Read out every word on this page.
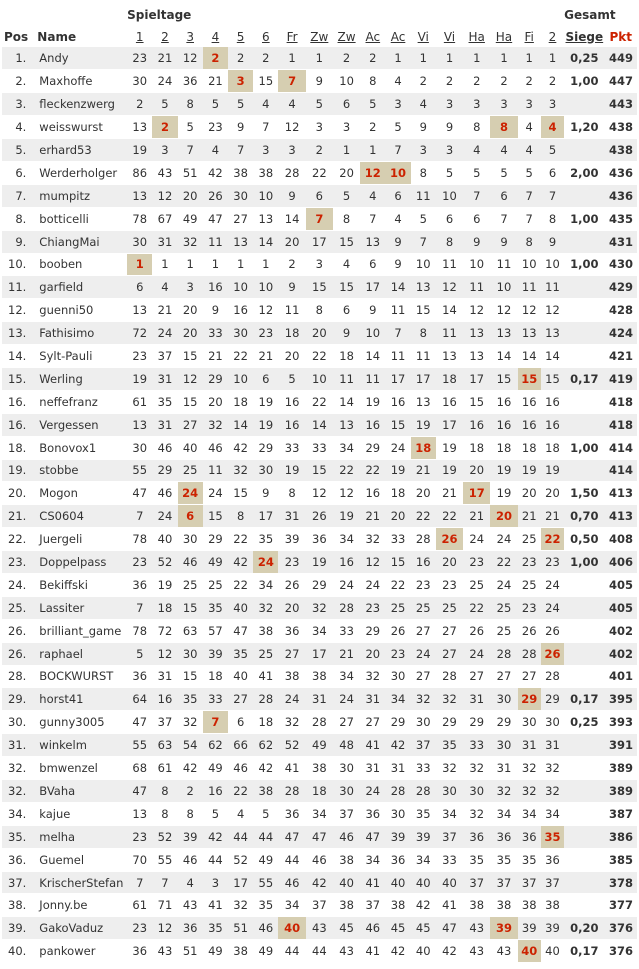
		Spieltage																	Gesamt	
Pos	Name	1	2	3	4	5	6	Fr	Zw	Zw	Ac	Ac	Vi	Vi	Ha	Ha	Fi	2	Siege	Pkt
1.	Andy	23	21	12	2	2	2	1	1	2	2	1	1	1	1	1	1	1	0,25	449
2.	Maxhoffe	30	24	36	21	3	15	7	9	10	8	4	2	2	2	2	2	2	1,00	447
3.	fleckenzwerg	2	5	8	5	5	4	4	5	6	5	3	4	3	3	3	3	3		443
4.	weisswurst	13	2	5	23	9	7	12	3	3	2	5	9	9	8	8	4	4	1,20	438
5.	erhard53	19	3	7	4	7	3	3	2	1	1	7	3	3	4	4	4	5		438
6.	Werderholger	86	43	51	42	38	38	28	22	20	12	10	8	5	5	5	5	6	2,00	436
7.	mumpitz	13	12	20	26	30	10	9	6	5	4	6	11	10	7	6	7	7		436
8.	botticelli	78	67	49	47	27	13	14	7	8	7	4	5	6	6	7	7	8	1,00	435
9.	ChiangMai	30	31	32	11	13	14	20	17	15	13	9	7	8	9	9	8	9		431
10.	booben	1	1	1	1	1	1	2	3	4	6	9	10	11	10	11	10	10	1,00	430
11.	garfield	6	4	3	16	10	10	9	15	15	17	14	13	12	11	10	11	11		429
12.	guenni50	13	21	20	9	16	12	11	8	6	9	11	15	14	12	12	12	12		428
13.	Fathisimo	72	24	20	33	30	23	18	20	9	10	7	8	11	13	13	13	13		424
14.	Sylt-Pauli	23	37	15	21	22	21	20	22	18	14	11	11	13	13	14	14	14		421
15.	Werling	19	31	12	29	10	6	5	10	11	11	17	17	18	17	15	15	15	0,17	419
16.	neffefranz	61	35	15	20	18	19	16	22	14	19	16	13	16	15	16	16	16		418
16.	Vergessen	13	31	27	32	14	19	16	14	13	16	15	19	17	16	16	16	16		418
18.	Bonovox1	30	46	40	46	42	29	33	33	34	29	24	18	19	18	18	18	18	1,00	414
19.	stobbe	55	29	25	11	32	30	19	15	22	22	19	21	19	20	19	19	19		414
20.	Mogon	47	46	24	24	15	9	8	12	12	16	18	20	21	17	19	20	20	1,50	413
21.	CS0604	7	24	6	15	8	17	31	26	19	21	20	22	22	21	20	21	21	0,70	413
22.	Juergeli	78	40	30	29	22	35	39	36	34	32	33	28	26	24	24	25	22	0,50	408
23.	Doppelpass	23	52	46	49	42	24	23	19	16	12	15	16	20	23	22	23	23	1,00	406
24.	Bekiffski	36	19	25	25	22	34	26	29	24	24	22	23	23	25	24	25	24		405
25.	Lassiter	7	18	15	35	40	32	20	32	28	23	25	25	25	22	25	23	24		405
26.	brilliant_game	78	72	63	57	47	38	36	34	33	29	26	27	27	26	25	26	26		402
26.	raphael	5	12	30	39	35	25	27	17	21	20	23	24	27	24	28	28	26		402
28.	BOCKWURST	36	31	15	18	40	41	38	38	34	32	30	27	28	27	27	27	28		401
29.	horst41	64	16	35	33	27	28	24	31	24	31	34	32	32	31	30	29	29	0,17	395
30.	gunny3005	47	37	32	7	6	18	32	28	27	27	29	30	29	29	29	30	30	0,25	393
31.	winkelm	55	63	54	62	66	62	52	49	48	41	42	37	35	33	30	31	31		391
32.	bmwenzel	68	61	42	49	46	42	41	38	30	31	31	33	32	32	31	32	32		389
32.	BVaha	47	8	2	16	22	38	28	18	30	24	28	28	30	30	32	32	32		389
34.	kajue	13	8	8	5	4	5	36	34	37	36	30	35	34	32	34	34	34		387
35.	melha	23	52	39	42	44	44	47	47	46	47	39	39	37	36	36	36	35		386
36.	Guemel	70	55	46	44	52	49	44	46	38	34	36	34	33	35	35	35	36		385
37.	KrischerStefan	7	7	4	3	17	55	46	42	40	41	40	40	40	37	37	37	37		378
38.	Jonny.be	61	71	43	41	32	35	34	37	38	37	38	42	41	38	38	38	38		377
39.	GakoVaduz	23	12	36	35	51	46	40	43	45	46	45	45	47	43	39	39	39	0,20	376
40.	pankower	36	43	51	49	38	49	44	44	43	41	42	40	42	43	43	40	40	0,17	376
